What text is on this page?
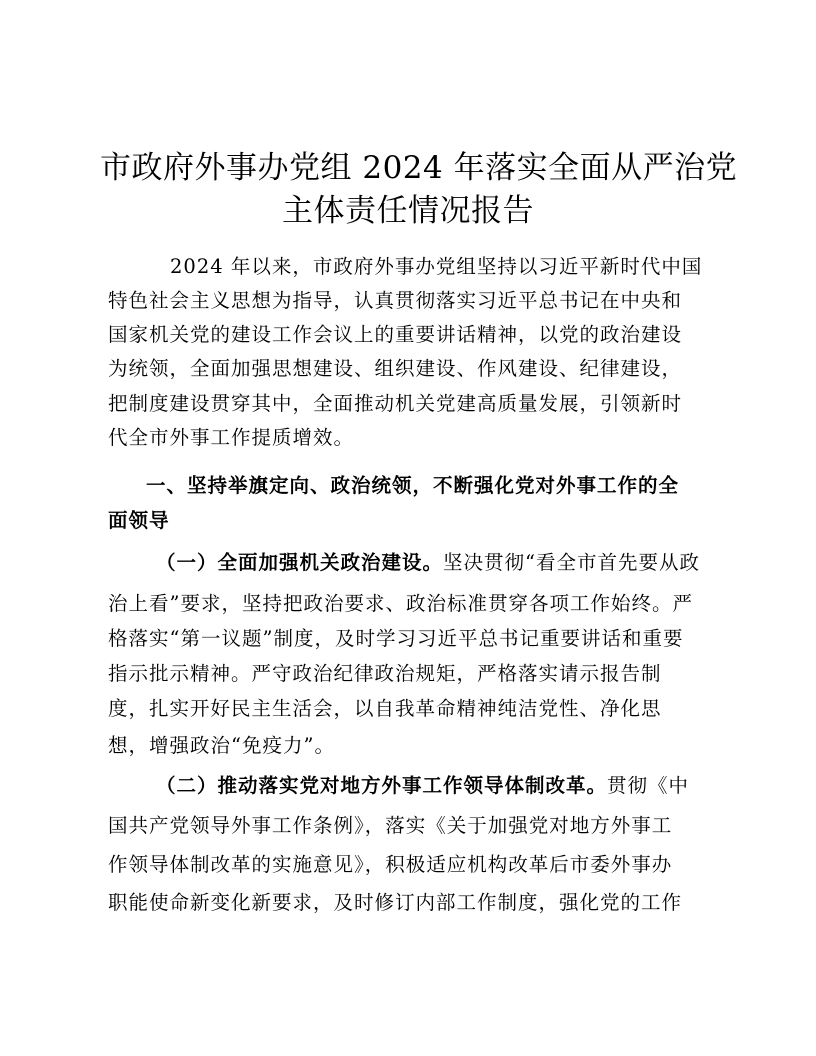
市政府外事办党组 2024 年落实全面从严治党
主体责任情况报告
2024 年以来，市政府外事办党组坚持以习近平新时代中国
特色社会主义思想为指导，认真贯彻落实习近平总书记在中央和
国家机关党的建设工作会议上的重要讲话精神，以党的政治建设
为统领，全面加强思想建设、组织建设、作风建设、纪律建设，
把制度建设贯穿其中，全面推动机关党建高质量发展，引领新时
代全市外事工作提质增效。
一、坚持举旗定向、政治统领，不断强化党对外事工作的全
面领导
（一）全面加强机关政治建设。坚决贯彻“看全市首先要从政
治上看”要求，坚持把政治要求、政治标准贯穿各项工作始终。严
格落实“第一议题”制度，及时学习习近平总书记重要讲话和重要
指示批示精神。严守政治纪律政治规矩，严格落实请示报告制
度，扎实开好民主生活会，以自我革命精神纯洁党性、净化思
想，增强政治“免疫力”。
（二）推动落实党对地方外事工作领导体制改革。贯彻《中
国共产党领导外事工作条例》，落实《关于加强党对地方外事工
作领导体制改革的实施意见》，积极适应机构改革后市委外事办
职能使命新变化新要求，及时修订内部工作制度，强化党的工作
